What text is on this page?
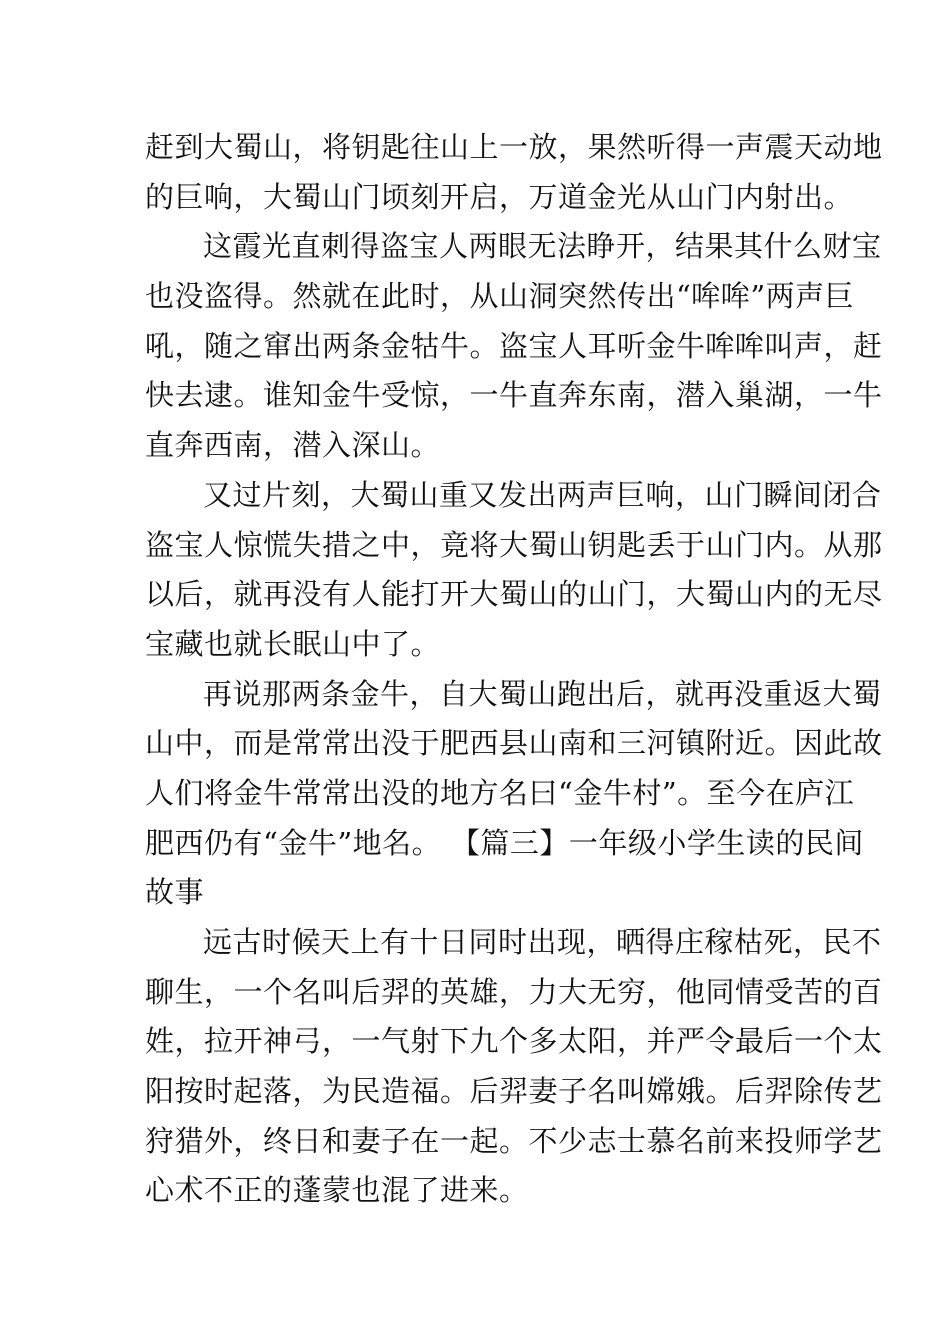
赶到大蜀山，将钥匙往山上一放，果然听得一声震天动地
的巨响，大蜀山门顷刻开启，万道金光从山门内射出。
这霞光直刺得盗宝人两眼无法睁开，结果其什么财宝
也没盗得。然就在此时，从山洞突然传出“哞哞”两声巨
吼，随之窜出两条金牯牛。盗宝人耳听金牛哞哞叫声，赶
快去逮。谁知金牛受惊，一牛直奔东南，潜入巢湖，一牛
直奔西南，潜入深山。
又过片刻，大蜀山重又发出两声巨响，山门瞬间闭合
盗宝人惊慌失措之中，竟将大蜀山钥匙丢于山门内。从那
以后，就再没有人能打开大蜀山的山门，大蜀山内的无尽
宝藏也就长眠山中了。
再说那两条金牛，自大蜀山跑出后，就再没重返大蜀
山中，而是常常出没于肥西县山南和三河镇附近。因此故
人们将金牛常常出没的地方名曰“金牛村”。至今在庐江
肥西仍有“金牛”地名。 【篇三】一年级小学生读的民间
故事
远古时候天上有十日同时出现，晒得庄稼枯死，民不
聊生，一个名叫后羿的英雄，力大无穷，他同情受苦的百
姓，拉开神弓，一气射下九个多太阳，并严令最后一个太
阳按时起落，为民造福。后羿妻子名叫嫦娥。后羿除传艺
狩猎外，终日和妻子在一起。不少志士慕名前来投师学艺
心术不正的蓬蒙也混了进来。
